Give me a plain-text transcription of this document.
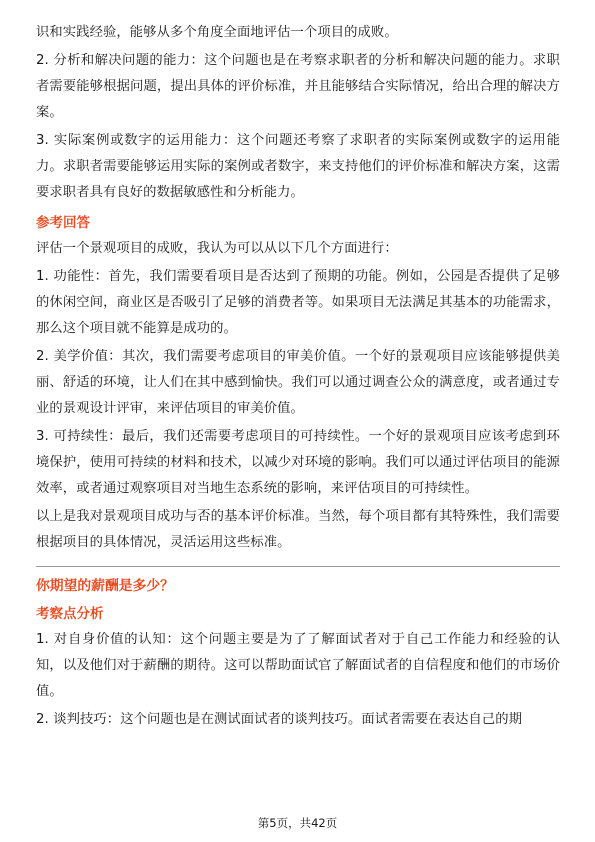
识和实践经验，能够从多个角度全面地评估一个项目的成败。

2. 分析和解决问题的能力：这个问题也是在考察求职者的分析和解决问题的能力。求职者需要能够根据问题，提出具体的评价标准，并且能够结合实际情况，给出合理的解决方案。

3. 实际案例或数字的运用能力：这个问题还考察了求职者的实际案例或数字的运用能力。求职者需要能够运用实际的案例或者数字，来支持他们的评价标准和解决方案，这需要求职者具有良好的数据敏感性和分析能力。

参考回答

评估一个景观项目的成败，我认为可以从以下几个方面进行：

1. 功能性：首先，我们需要看项目是否达到了预期的功能。例如，公园是否提供了足够的休闲空间，商业区是否吸引了足够的消费者等。如果项目无法满足其基本的功能需求，那么这个项目就不能算是成功的。

2. 美学价值：其次，我们需要考虑项目的审美价值。一个好的景观项目应该能够提供美丽、舒适的环境，让人们在其中感到愉快。我们可以通过调查公众的满意度，或者通过专业的景观设计评审，来评估项目的审美价值。

3. 可持续性：最后，我们还需要考虑项目的可持续性。一个好的景观项目应该考虑到环境保护，使用可持续的材料和技术，以减少对环境的影响。我们可以通过评估项目的能源效率，或者通过观察项目对当地生态系统的影响，来评估项目的可持续性。

以上是我对景观项目成功与否的基本评价标准。当然，每个项目都有其特殊性，我们需要根据项目的具体情况，灵活运用这些标准。

你期望的薪酬是多少？
考察点分析

1. 对自身价值的认知：这个问题主要是为了了解面试者对于自己工作能力和经验的认知，以及他们对于薪酬的期待。这可以帮助面试官了解面试者的自信程度和他们的市场价值。

2. 谈判技巧：这个问题也是在测试面试者的谈判技巧。面试者需要在表达自己的期

第5页，共42页
